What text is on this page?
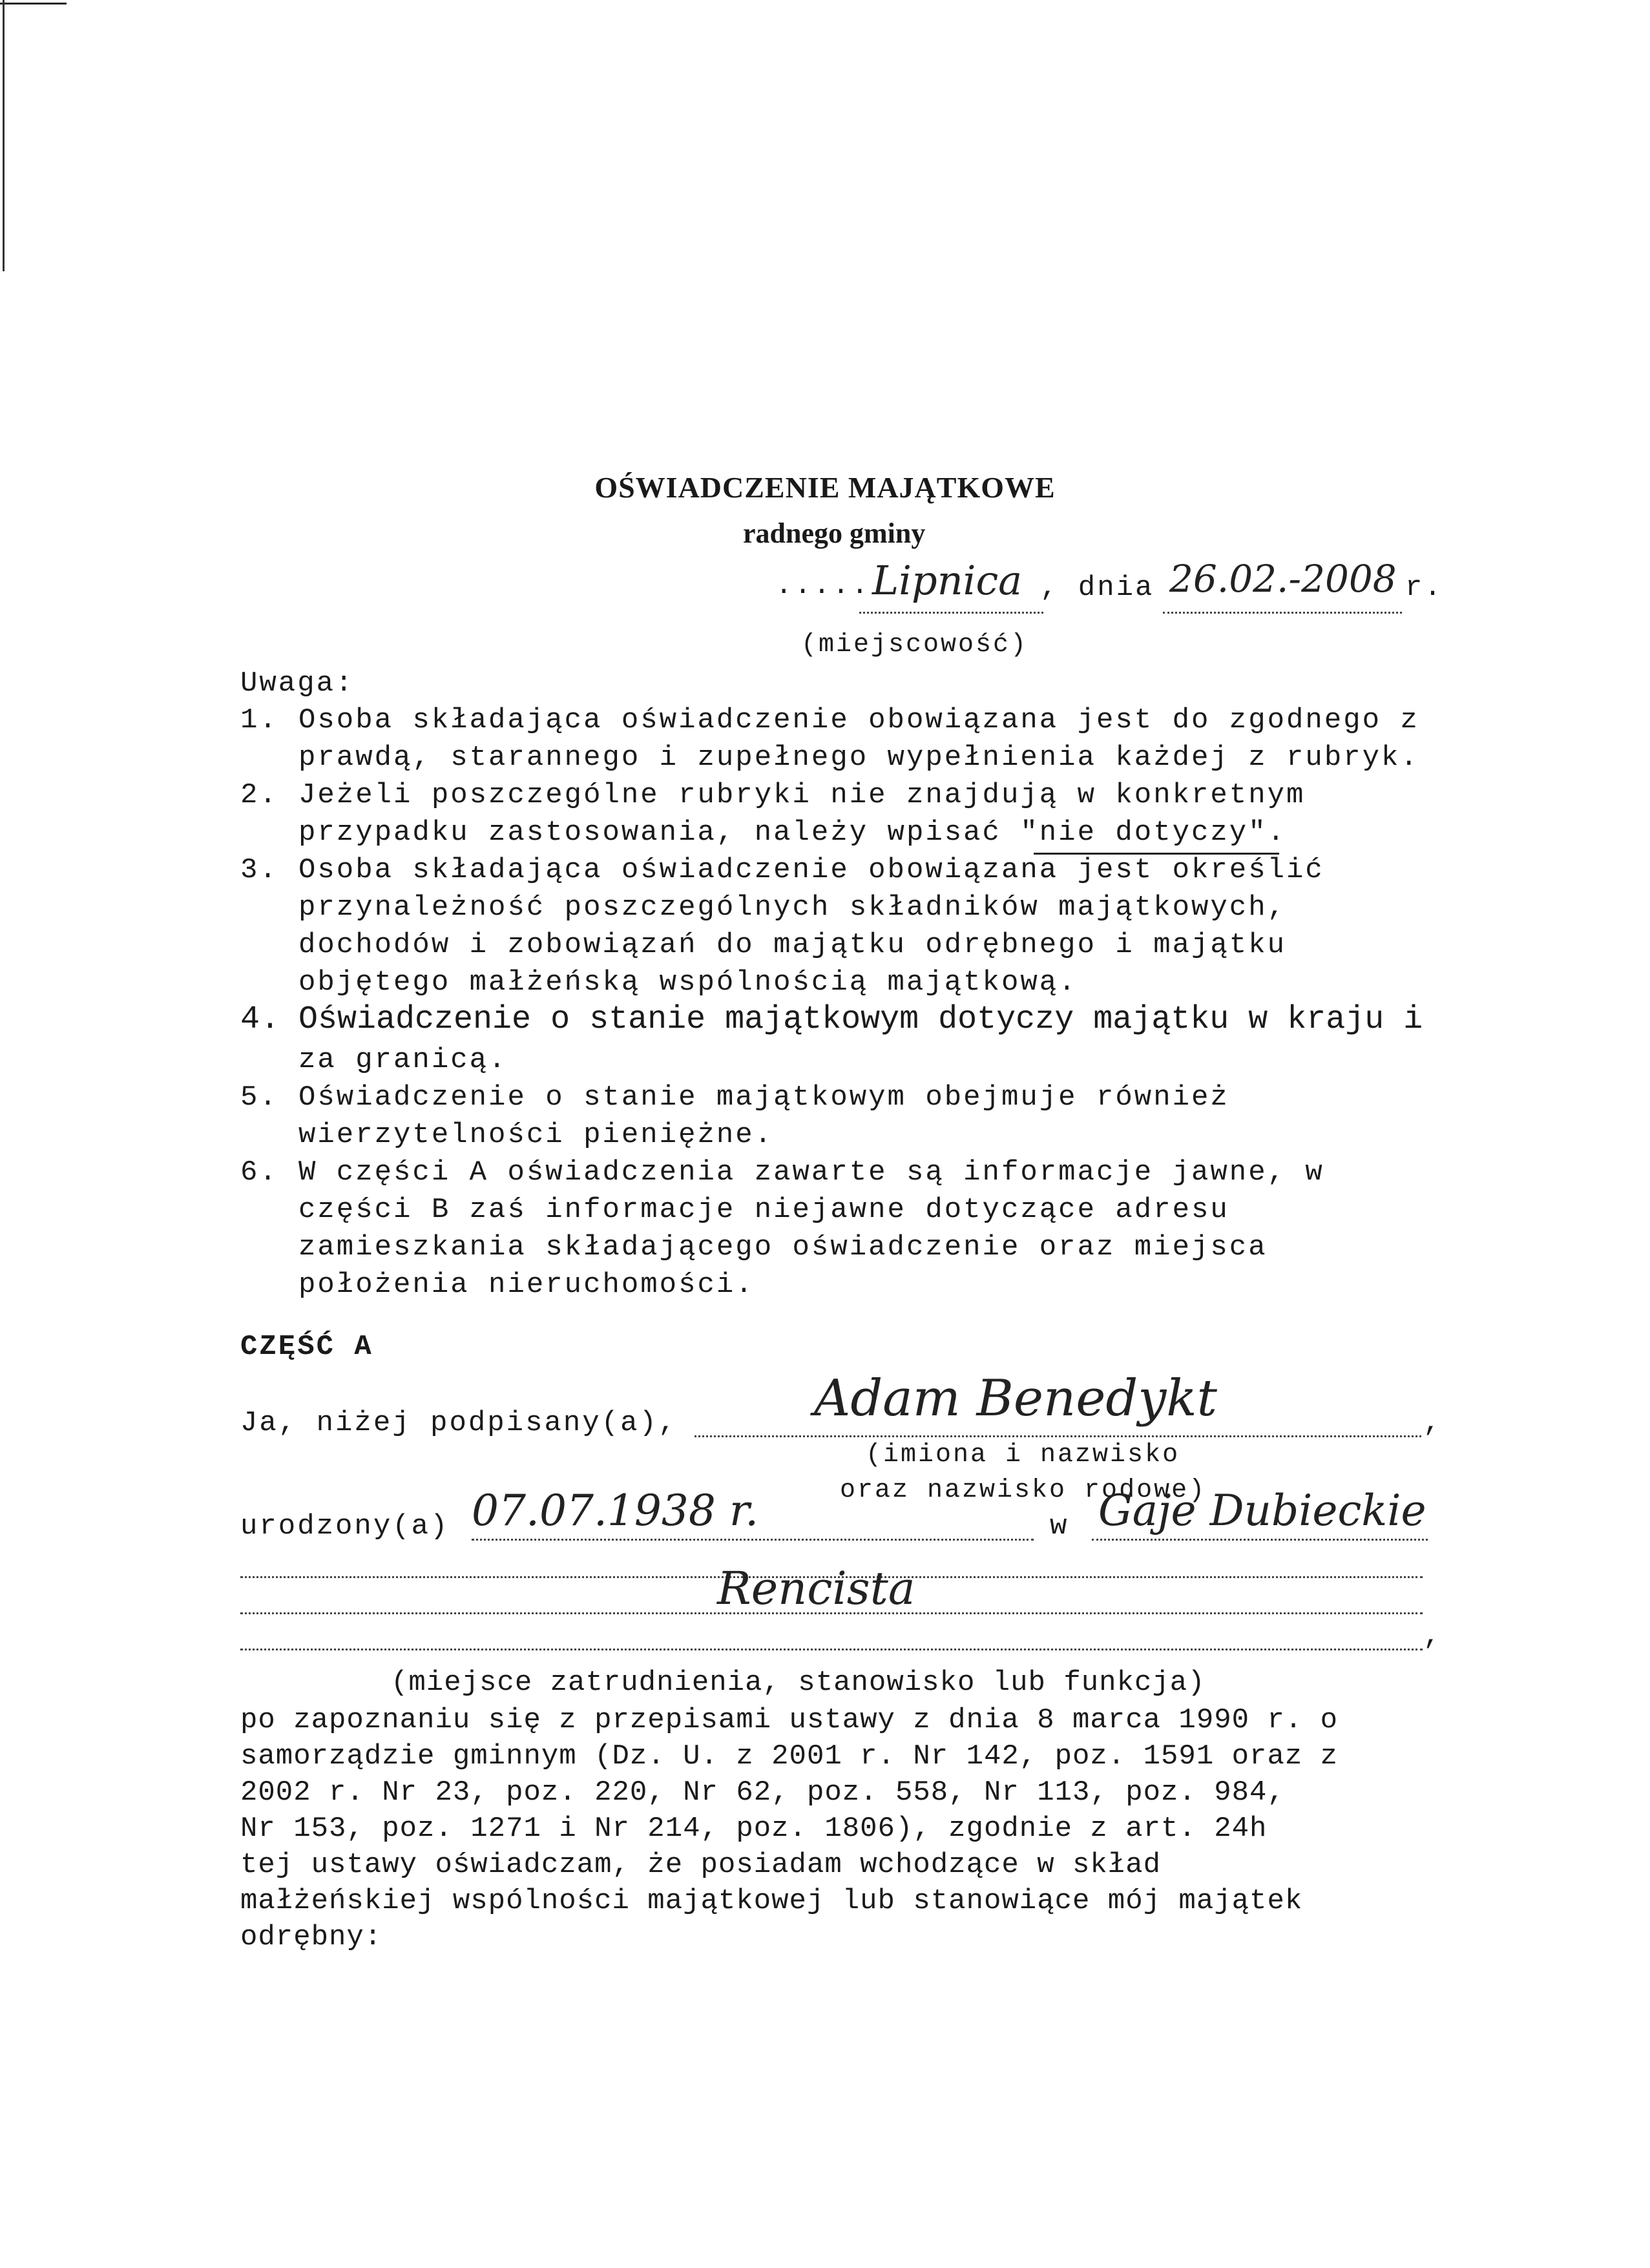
OŚWIADCZENIE MAJĄTKOWE
radnego gminy
..... Lipnica , dnia 26.02.-2008 r.
(miejscowość)
Uwaga:
1. Osoba składająca oświadczenie obowiązana jest do zgodnego z
prawdą, starannego i zupełnego wypełnienia każdej z rubryk.
2. Jeżeli poszczególne rubryki nie znajdują w konkretnym
przypadku zastosowania, należy wpisać "nie dotyczy".
3. Osoba składająca oświadczenie obowiązana jest określić
przynależność poszczególnych składników majątkowych,
dochodów i zobowiązań do majątku odrębnego i majątku
objętego małżeńską wspólnością majątkową.
4. Oświadczenie o stanie majątkowym dotyczy majątku w kraju i
za granicą.
5. Oświadczenie o stanie majątkowym obejmuje również
wierzytelności pieniężne.
6. W części A oświadczenia zawarte są informacje jawne, w
części B zaś informacje niejawne dotyczące adresu
zamieszkania składającego oświadczenie oraz miejsca
położenia nieruchomości.
CZĘŚĆ A
Ja, niżej podpisany(a),	,
Adam Benedykt
(imiona i nazwisko
oraz nazwisko rodowe)
urodzony(a) 07.07.1938 r.	w Gaje Dubieckie
Rencista
,
(miejsce zatrudnienia, stanowisko lub funkcja)
po zapoznaniu się z przepisami ustawy z dnia 8 marca 1990 r. o
samorządzie gminnym (Dz. U. z 2001 r. Nr 142, poz. 1591 oraz z
2002 r. Nr 23, poz. 220, Nr 62, poz. 558, Nr 113, poz. 984,
Nr 153, poz. 1271 i Nr 214, poz. 1806), zgodnie z art. 24h
tej ustawy oświadczam, że posiadam wchodzące w skład
małżeńskiej wspólności majątkowej lub stanowiące mój majątek
odrębny:
